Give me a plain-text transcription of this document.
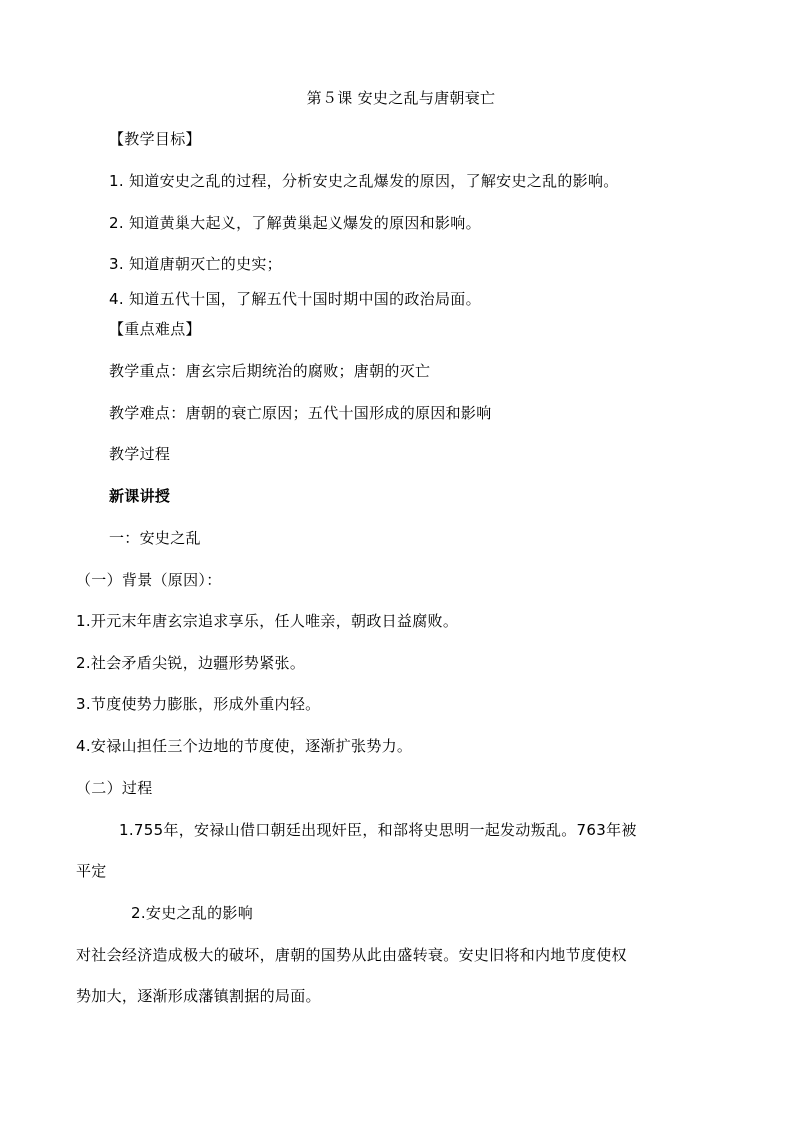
第５课 安史之乱与唐朝衰亡
【教学目标】
1. 知道安史之乱的过程，分析安史之乱爆发的原因，了解安史之乱的影响。
2. 知道黄巢大起义，了解黄巢起义爆发的原因和影响。
3. 知道唐朝灭亡的史实；
4. 知道五代十国，了解五代十国时期中国的政治局面。
【重点难点】
教学重点：唐玄宗后期统治的腐败；唐朝的灭亡
教学难点：唐朝的衰亡原因；五代十国形成的原因和影响
教学过程
新课讲授
一：安史之乱
（一）背景（原因）：
1.开元末年唐玄宗追求享乐，任人唯亲，朝政日益腐败。
2.社会矛盾尖锐，边疆形势紧张。
3.节度使势力膨胀，形成外重内轻。
4.安禄山担任三个边地的节度使，逐渐扩张势力。
（二）过程
1.755年，安禄山借口朝廷出现奸臣，和部将史思明一起发动叛乱。763年被
平定
2.安史之乱的影响
对社会经济造成极大的破坏，唐朝的国势从此由盛转衰。安史旧将和内地节度使权
势加大，逐渐形成藩镇割据的局面。
